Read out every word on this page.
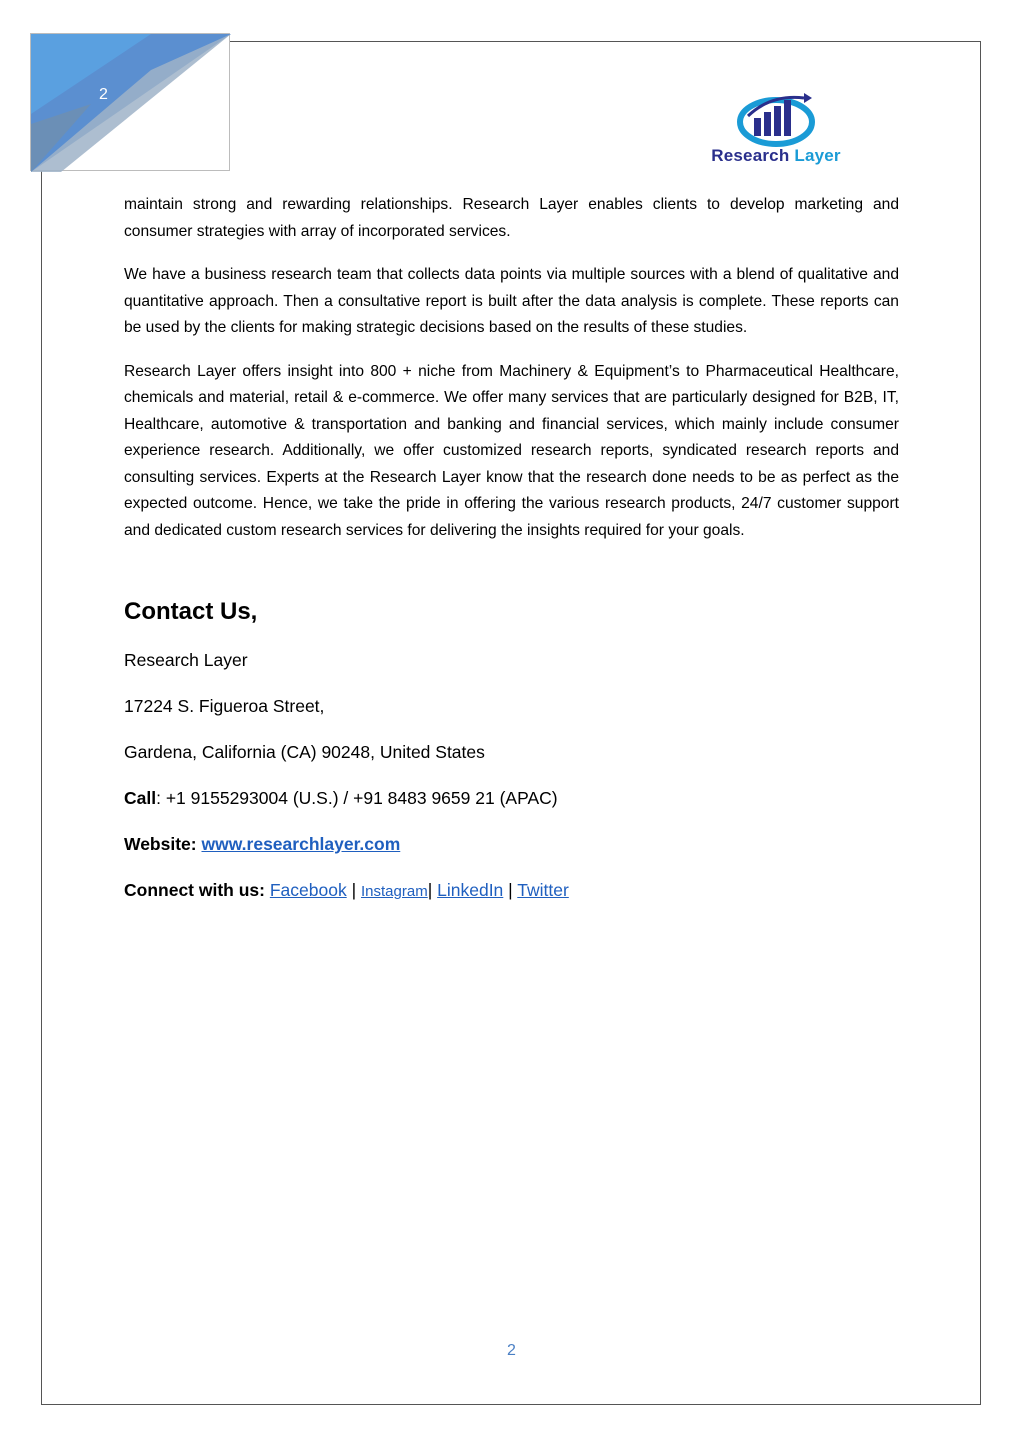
2
Research Layer

maintain strong and rewarding relationships. Research Layer enables clients to develop marketing and consumer strategies with array of incorporated services.

We have a business research team that collects data points via multiple sources with a blend of qualitative and quantitative approach. Then a consultative report is built after the data analysis is complete. These reports can be used by the clients for making strategic decisions based on the results of these studies.

Research Layer offers insight into 800 + niche from Machinery & Equipment’s to Pharmaceutical Healthcare, chemicals and material, retail & e-commerce. We offer many services that are particularly designed for B2B, IT, Healthcare, automotive & transportation and banking and financial services, which mainly include consumer experience research. Additionally, we offer customized research reports, syndicated research reports and consulting services. Experts at the Research Layer know that the research done needs to be as perfect as the expected outcome. Hence, we take the pride in offering the various research products, 24/7 customer support and dedicated custom research services for delivering the insights required for your goals.

Contact Us,
Research Layer
17224 S. Figueroa Street,
Gardena, California (CA) 90248, United States
Call: +1 9155293004 (U.S.) / +91 8483 9659 21 (APAC)
Website: www.researchlayer.com
Connect with us: Facebook | Instagram| LinkedIn | Twitter
2
